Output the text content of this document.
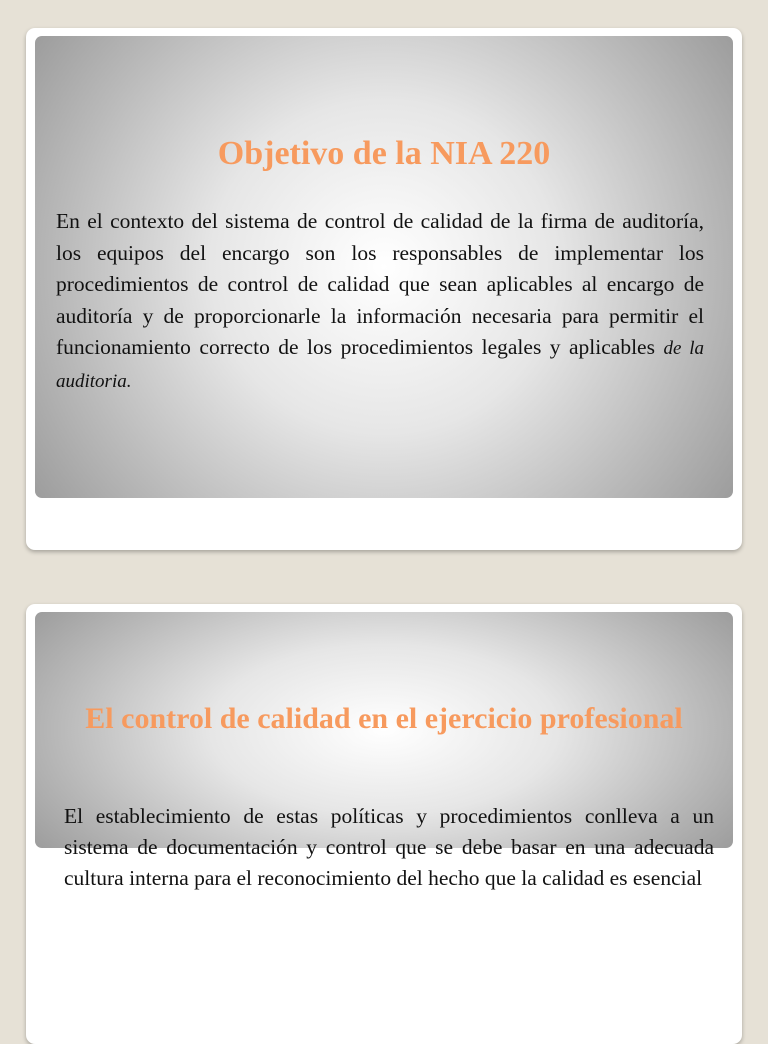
Objetivo de la NIA 220

En el contexto del sistema de control de calidad de la firma de auditoría, los equipos del encargo son los responsables de implementar los procedimientos de control de calidad que sean aplicables al encargo de auditoría y de proporcionarle la información necesaria para permitir el funcionamiento correcto de los procedimientos legales y aplicables de la auditoria.

El control de calidad en el ejercicio profesional

El establecimiento de estas políticas y procedimientos conlleva a un sistema de documentación y control que se debe basar en una adecuada cultura interna para el reconocimiento del hecho que la calidad es esencial
